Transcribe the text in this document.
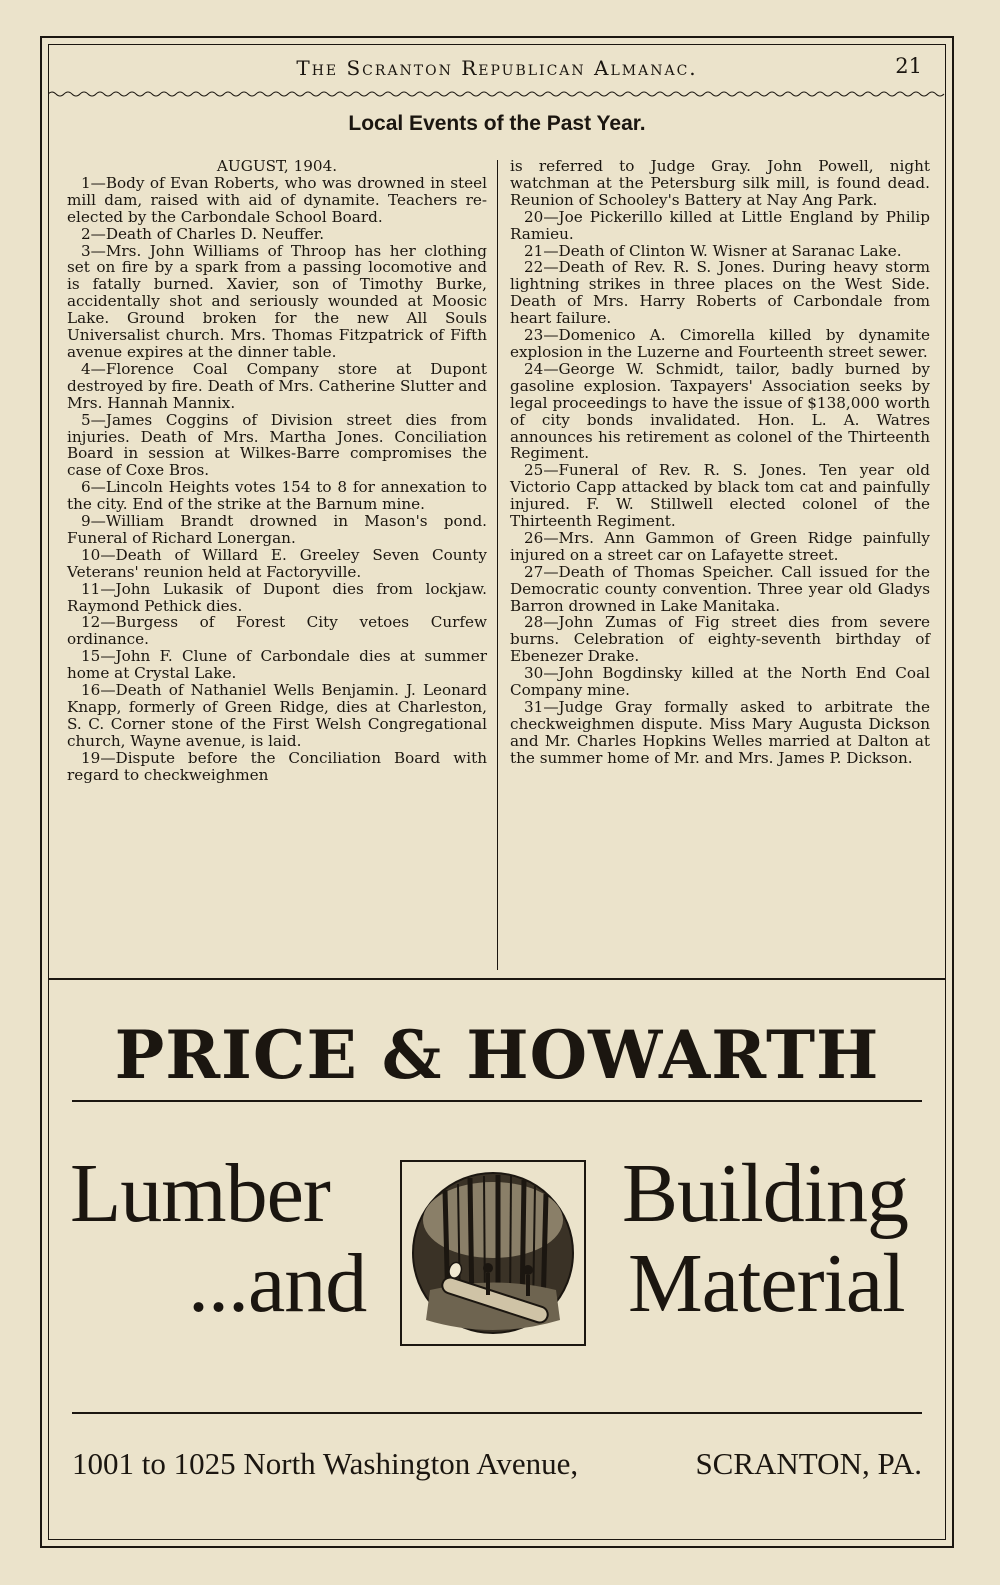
The Scranton Republican Almanac.	21
Local Events of the Past Year.
AUGUST, 1904.
1—Body of Evan Roberts, who was drowned in steel mill dam, raised with aid of dynamite. Teachers re-elected by the Carbondale School Board.
2—Death of Charles D. Neuffer.
3—Mrs. John Williams of Throop has her clothing set on fire by a spark from a passing locomotive and is fatally burned. Xavier, son of Timothy Burke, accidentally shot and seriously wounded at Moosic Lake. Ground broken for the new All Souls Universalist church. Mrs. Thomas Fitzpatrick of Fifth avenue expires at the dinner table.
4—Florence Coal Company store at Dupont destroyed by fire. Death of Mrs. Catherine Slutter and Mrs. Hannah Mannix.
5—James Coggins of Division street dies from injuries. Death of Mrs. Martha Jones. Conciliation Board in session at Wilkes-Barre compromises the case of Coxe Bros.
6—Lincoln Heights votes 154 to 8 for annexation to the city. End of the strike at the Barnum mine.
9—William Brandt drowned in Mason's pond. Funeral of Richard Lonergan.
10—Death of Willard E. Greeley Seven County Veterans' reunion held at Factoryville.
11—John Lukasik of Dupont dies from lockjaw. Raymond Pethick dies.
12—Burgess of Forest City vetoes Curfew ordinance.
15—John F. Clune of Carbondale dies at summer home at Crystal Lake.
16—Death of Nathaniel Wells Benjamin. J. Leonard Knapp, formerly of Green Ridge, dies at Charleston, S. C. Corner stone of the First Welsh Congregational church, Wayne avenue, is laid.
19—Dispute before the Conciliation Board with regard to checkweighmen
is referred to Judge Gray. John Powell, night watchman at the Petersburg silk mill, is found dead. Reunion of Schooley's Battery at Nay Ang Park.
20—Joe Pickerillo killed at Little England by Philip Ramieu.
21—Death of Clinton W. Wisner at Saranac Lake.
22—Death of Rev. R. S. Jones. During heavy storm lightning strikes in three places on the West Side. Death of Mrs. Harry Roberts of Carbondale from heart failure.
23—Domenico A. Cimorella killed by dynamite explosion in the Luzerne and Fourteenth street sewer.
24—George W. Schmidt, tailor, badly burned by gasoline explosion. Taxpayers' Association seeks by legal proceedings to have the issue of $138,000 worth of city bonds invalidated. Hon. L. A. Watres announces his retirement as colonel of the Thirteenth Regiment.
25—Funeral of Rev. R. S. Jones. Ten year old Victorio Capp attacked by black tom cat and painfully injured. F. W. Stillwell elected colonel of the Thirteenth Regiment.
26—Mrs. Ann Gammon of Green Ridge painfully injured on a street car on Lafayette street.
27—Death of Thomas Speicher. Call issued for the Democratic county convention. Three year old Gladys Barron drowned in Lake Manitaka.
28—John Zumas of Fig street dies from severe burns. Celebration of eighty-seventh birthday of Ebenezer Drake.
30—John Bogdinsky killed at the North End Coal Company mine.
31—Judge Gray formally asked to arbitrate the checkweighmen dispute. Miss Mary Augusta Dickson and Mr. Charles Hopkins Welles married at Dalton at the summer home of Mr. and Mrs. James P. Dickson.
PRICE & HOWARTH
Lumber
...and
Building
Material
1001 to 1025 North Washington Avenue,	SCRANTON, PA.
